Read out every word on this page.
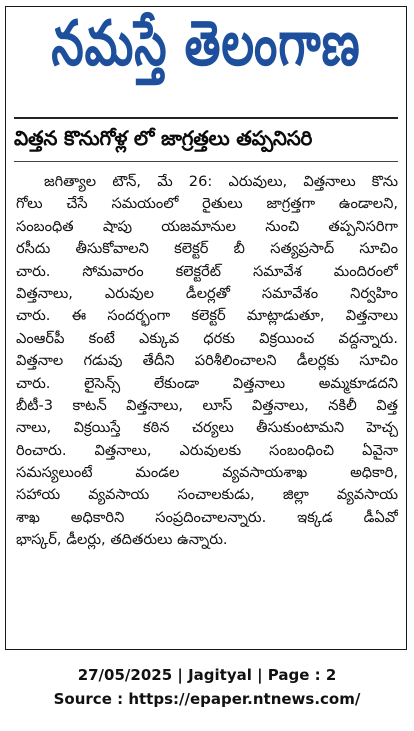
నమస్తే తెలంగాణ
విత్తన కొనుగోళ్ల లో జాగ్రత్తలు తప్పనిసరి
జగిత్యాల టౌన్, మే 26: ఎరువులు, విత్తనాలు కొను
గోలు చేసే సమయంలో రైతులు జాగ్రత్తగా ఉండాలని,
సంబంధిత షాపు యజమానుల నుంచి తప్పనిసరిగా
రసీదు తీసుకోవాలని కలెక్టర్ బీ సత్యప్రసాద్ సూచిం
చారు. సోమవారం కలెక్టరేట్ సమావేశ మందిరంలో
విత్తనాలు, ఎరువుల డీలర్లతో సమావేశం నిర్వహిం
చారు. ఈ సందర్భంగా కలెక్టర్ మాట్లాడుతూ, విత్తనాలు
ఎంఆర్‌పీ కంటే ఎక్కువ ధరకు విక్రయించ వద్దన్నారు.
విత్తనాల గడువు తేదీని పరిశీలించాలని డీలర్లకు సూచిం
చారు. లైసెన్స్ లేకుండా విత్తనాలు అమ్మకూడదని
బీటీ-3 కాటన్ విత్తనాలు, లూస్ విత్తనాలు, నకిలీ విత్త
నాలు, విక్రయిస్తే కఠిన చర్యలు తీసుకుంటామని హెచ్చ
రించారు. విత్తనాలు, ఎరువులకు సంబంధించి ఏవైనా
సమస్యలుంటే మండల వ్యవసాయశాఖ అధికారి,
సహాయ వ్యవసాయ సంచాలకుడు, జిల్లా వ్యవసాయ
శాఖ అధికారిని సంప్రదించాలన్నారు. ఇక్కడ డీఏవో
భాస్కర్, డీలర్లు, తదితరులు ఉన్నారు.
27/05/2025 | Jagityal | Page : 2
Source : https://epaper.ntnews.com/
